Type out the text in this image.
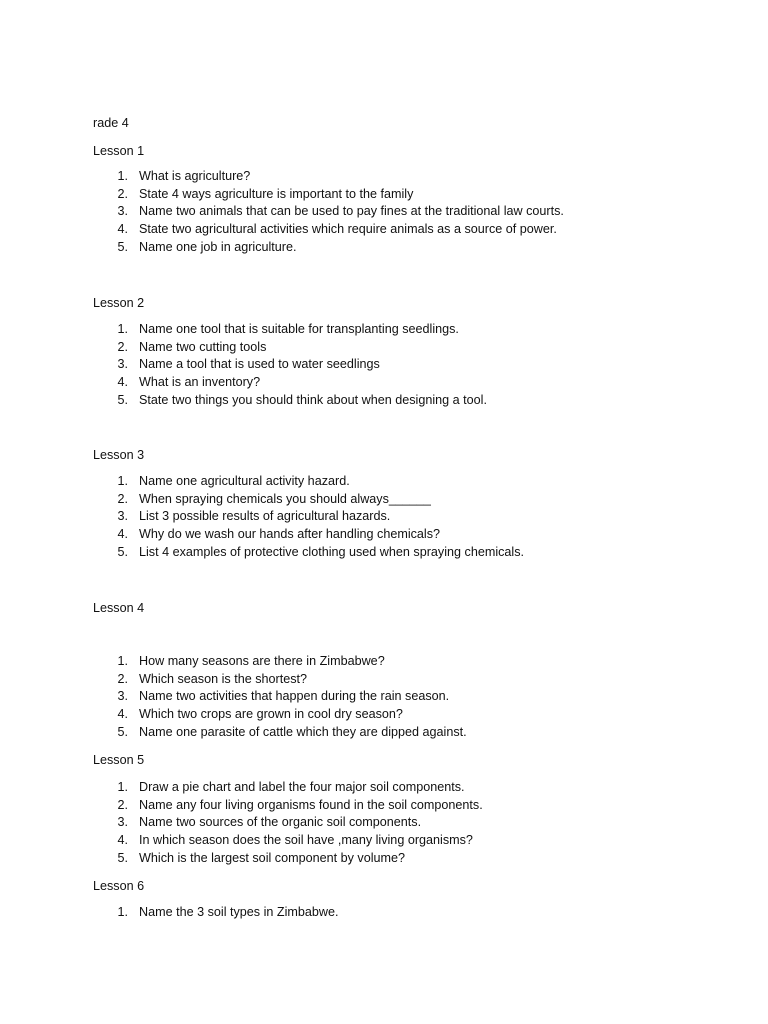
rade 4

Lesson 1

1. What is agriculture?
2. State 4 ways agriculture is important to the family
3. Name two animals that can be used to pay fines at the traditional law courts.
4. State two agricultural activities which require animals as a source of power.
5. Name one job in agriculture.

Lesson 2

1. Name one tool that is suitable for transplanting seedlings.
2. Name two cutting tools
3. Name a tool that is used to water seedlings
4. What is an inventory?
5. State two things you should think about when designing a tool.

Lesson 3

1. Name one agricultural activity hazard.
2. When spraying chemicals you should always______
3. List 3 possible results of agricultural hazards.
4. Why do we wash our hands after handling chemicals?
5. List 4 examples of protective clothing used when spraying chemicals.

Lesson 4

1. How many seasons are there in Zimbabwe?
2. Which season is the shortest?
3. Name two activities that happen during the rain season.
4. Which two crops are grown in cool dry season?
5. Name one parasite of cattle which they are dipped against.

Lesson 5

1. Draw a pie chart and label the four major soil components.
2. Name any four living organisms found in the soil components.
3. Name two sources of the organic soil components.
4. In which season does the soil have ,many living organisms?
5. Which is the largest soil component by volume?

Lesson 6

1. Name the 3 soil types in Zimbabwe.
